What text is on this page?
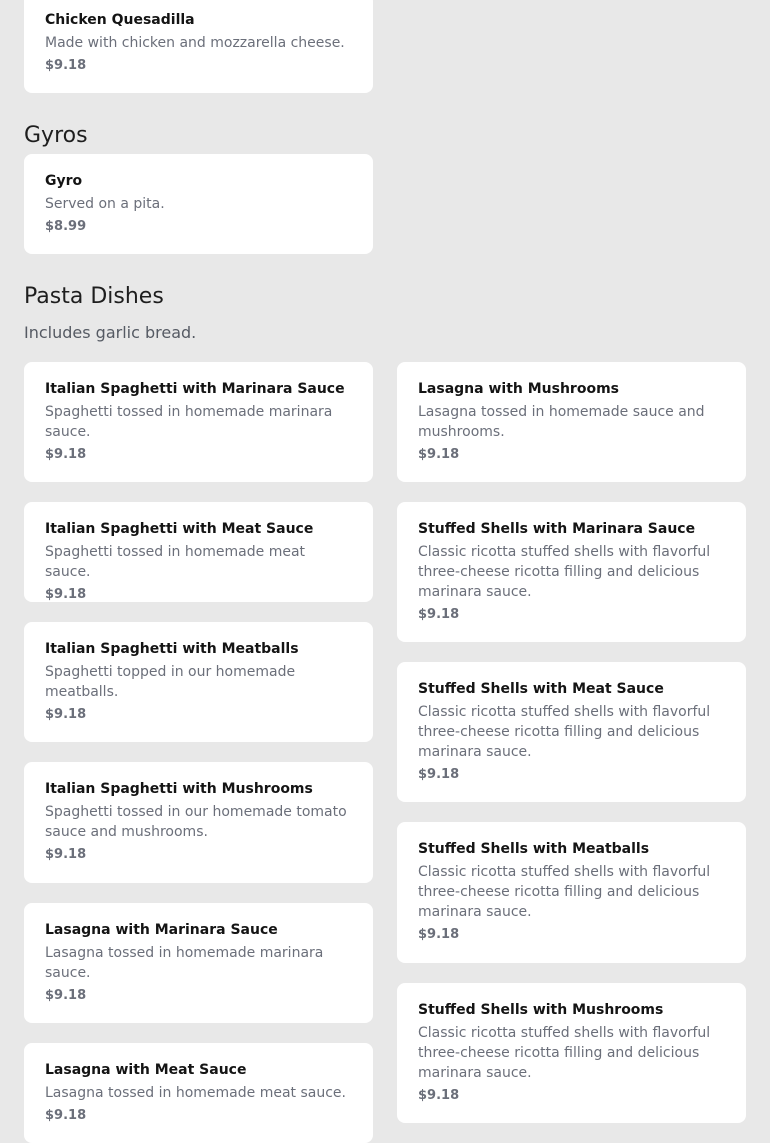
Chicken Quesadilla
Made with chicken and mozzarella cheese.
$9.18
Gyros
Gyro
Served on a pita.
$8.99
Pasta Dishes
Includes garlic bread.
Italian Spaghetti with Marinara Sauce
Spaghetti tossed in homemade marinara sauce.
$9.18
Italian Spaghetti with Meat Sauce
Spaghetti tossed in homemade meat sauce.
$9.18
Italian Spaghetti with Meatballs
Spaghetti topped in our homemade meatballs.
$9.18
Italian Spaghetti with Mushrooms
Spaghetti tossed in our homemade tomato sauce and mushrooms.
$9.18
Lasagna with Marinara Sauce
Lasagna tossed in homemade marinara sauce.
$9.18
Lasagna with Meat Sauce
Lasagna tossed in homemade meat sauce.
$9.18
Lasagna with Mushrooms
Lasagna tossed in homemade sauce and mushrooms.
$9.18
Stuffed Shells with Marinara Sauce
Classic ricotta stuffed shells with flavorful three-cheese ricotta filling and delicious marinara sauce.
$9.18
Stuffed Shells with Meat Sauce
Classic ricotta stuffed shells with flavorful three-cheese ricotta filling and delicious marinara sauce.
$9.18
Stuffed Shells with Meatballs
Classic ricotta stuffed shells with flavorful three-cheese ricotta filling and delicious marinara sauce.
$9.18
Stuffed Shells with Mushrooms
Classic ricotta stuffed shells with flavorful three-cheese ricotta filling and delicious marinara sauce.
$9.18
